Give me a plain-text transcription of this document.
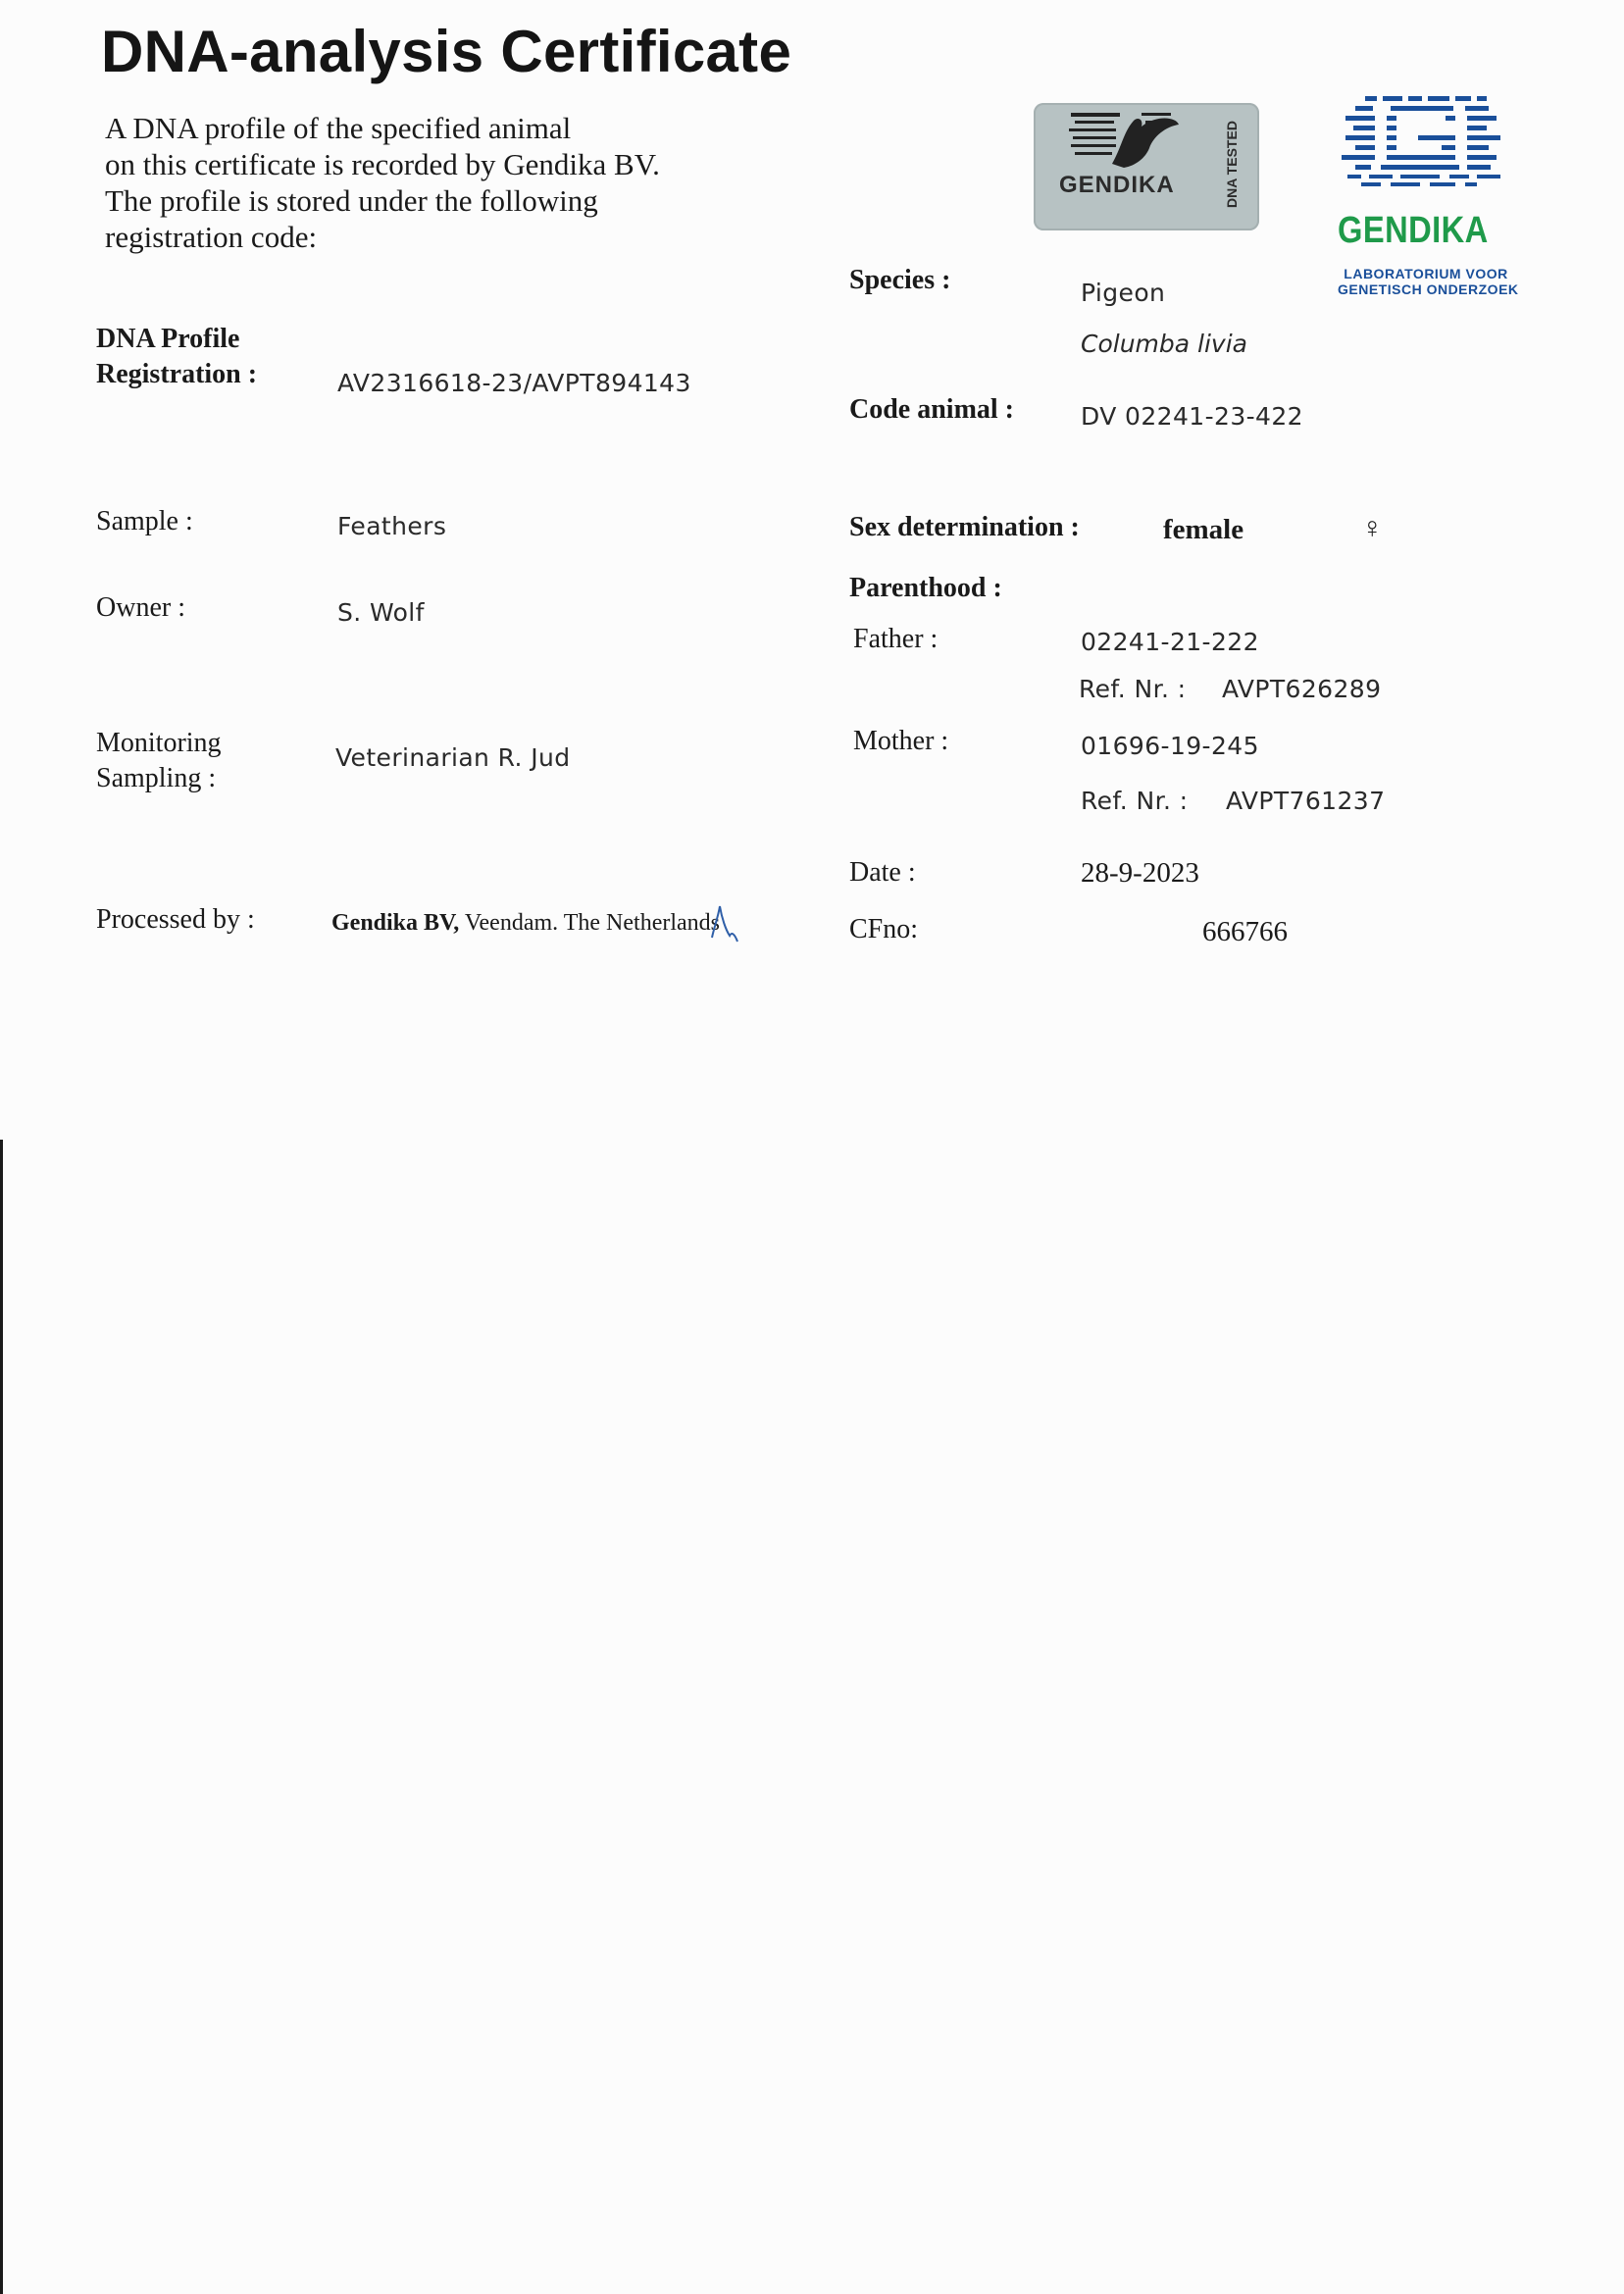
DNA-analysis Certificate
A DNA profile of the specified animal
on this certificate is recorded by Gendika BV.
The profile is stored under the following
registration code:
GENDIKA	DNA TESTED
GENDIKA
LABORATORIUM VOOR
GENETISCH ONDERZOEK
DNA Profile
Registration :	AV2316618-23/AVPT894143
Sample :	Feathers
Owner :	S. Wolf
Monitoring
Sampling :
Veterinarian R. Jud
Processed by :	Gendika BV, Veendam. The Netherlands
Species :	Pigeon
Columba livia
Code animal :	DV 02241-23-422
Sex determination :	female	♀
Parenthood :
Father :	02241-21-222
Ref. Nr. : AVPT626289
Mother :	01696-19-245
Ref. Nr. : AVPT761237
Date :	28-9-2023
CFno:	666766
